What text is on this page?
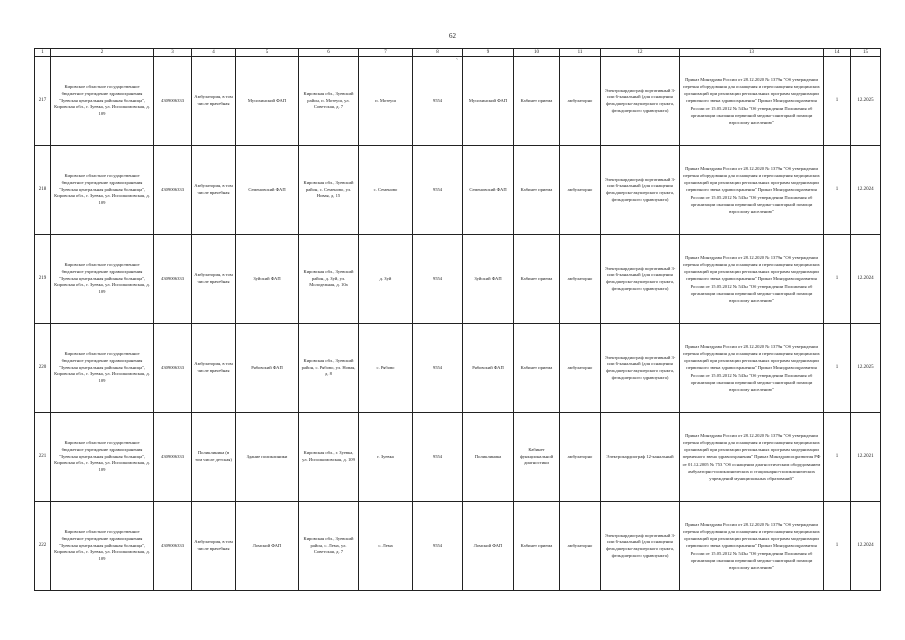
62
`
1	2	3	4	5	6	7	8	9	10	11	12	13	14	15
217	Кировское областное государственное бюджетное учреждение здравоохранения "Зуевская центральная районная больница", Кировская обл., г. Зуевка, ул. Исполкомовская, д. 109	4309006333	Амбулатория, в том числе врачебная	Мусихинский ФАП	Кировская обл., Зуевский район, п. Мотеуш, ул. Советская, д. 7	п. Мотеуш	9554	Мусихинский ФАП	Кабинет приема	амбулаторно	Электрокардиограф портативный 3- или 6-канальный (для оснащения фельдшерско-акушерского пункта, фельдшерского здравпункта)	Приказ Минздрава России от 28.12.2020 № 1379н "Об утверждении перечня оборудования для оснащения и переоснащения медицинских организаций при реализации региональных программ модернизации первичного звена здравоохранения" Приказ Минздравсоцразвития России от 15.05.2012 № 543н "Об утверждении Положения об организации оказания первичной медико-санитарной помощи взрослому населению"	1	12.2025
218	Кировское областное государственное бюджетное учреждение здравоохранения "Зуевская центральная районная больница", Кировская обл., г. Зуевка, ул. Исполкомовская, д. 109	4309006333	Амбулатория, в том числе врачебная	Семеновский ФАП	Кировская обл., Зуевский район, с. Семеново, ул. Новая, д. 15	с. Семеново	9554	Семеновский ФАП	Кабинет приема	амбулаторно	Электрокардиограф портативный 3- или 6-канальный (для оснащения фельдшерско-акушерского пункта, фельдшерского здравпункта)	Приказ Минздрава России от 28.12.2020 № 1379н "Об утверждении перечня оборудования для оснащения и переоснащения медицинских организаций при реализации региональных программ модернизации первичного звена здравоохранения" Приказ Минздравсоцразвития России от 15.05.2012 № 543н "Об утверждении Положения об организации оказания первичной медико-санитарной помощи взрослому населению"	1	12.2024
219	Кировское областное государственное бюджетное учреждение здравоохранения "Зуевская центральная районная больница", Кировская обл., г. Зуевка, ул. Исполкомовская, д. 109	4309006333	Амбулатория, в том числе врачебная	Зуйский ФАП	Кировская обл., Зуевский район, д. Зуй, ул. Молодежная, д. 10а	д. Зуй	9554	Зуйский ФАП	Кабинет приема	амбулаторно	Электрокардиограф портативный 3- или 6-канальный (для оснащения фельдшерско-акушерского пункта, фельдшерского здравпункта)	Приказ Минздрава России от 28.12.2020 № 1379н "Об утверждении перечня оборудования для оснащения и переоснащения медицинских организаций при реализации региональных программ модернизации первичного звена здравоохранения" Приказ Минздравсоцразвития России от 15.05.2012 № 543н "Об утверждении Положения об организации оказания первичной медико-санитарной помощи взрослому населению"	1	12.2024
220	Кировское областное государственное бюджетное учреждение здравоохранения "Зуевская центральная районная больница", Кировская обл., г. Зуевка, ул. Исполкомовская, д. 109	4309006333	Амбулатория, в том числе врачебная	Рябовский ФАП	Кировская обл., Зуевский район, с. Рябово, ул. Новая, д. 8	с. Рябово	9554	Рябовский ФАП	Кабинет приема	амбулаторно	Электрокардиограф портативный 3- или 6-канальный (для оснащения фельдшерско-акушерского пункта, фельдшерского здравпункта)	Приказ Минздрава России от 28.12.2020 № 1379н "Об утверждении перечня оборудования для оснащения и переоснащения медицинских организаций при реализации региональных программ модернизации первичного звена здравоохранения" Приказ Минздравсоцразвития России от 15.05.2012 № 543н "Об утверждении Положения об организации оказания первичной медико-санитарной помощи взрослому населению"	1	12.2025
221	Кировское областное государственное бюджетное учреждение здравоохранения "Зуевская центральная районная больница", Кировская обл., г. Зуевка, ул. Исполкомовская, д. 109	4309006333	Поликлиника (в том числе детская)	Здание поликлиники	Кировская обл., г. Зуевка, ул. Исполкомовская, д. 109	г. Зуевка	9554	Поликлиника	Кабинет функциональной диагностики	амбулаторно	Электрокардиограф 12-канальный	Приказ Минздрава России от 28.12.2020 № 1379н "Об утверждении перечня оборудования для оснащения и переоснащения медицинских организаций при реализации региональных программ модернизации первичного звена здравоохранения" Приказ Минздравсоцразвития РФ от 01.12.2005 № 753 "Об оснащении диагностическим оборудованием амбулаторно-поликлинических и стационарно-поликлинических учреждений муниципальных образований"	1	12.2021
222	Кировское областное государственное бюджетное учреждение здравоохранения "Зуевская центральная районная больница", Кировская обл., г. Зуевка, ул. Исполкомовская, д. 109	4309006333	Амбулатория, в том числе врачебная	Ломский ФАП	Кировская обл., Зуевский район, с. Лема, ул. Советская, д. 7	с. Лема	9554	Ломский ФАП	Кабинет приема	амбулаторно	Электрокардиограф портативный 3- или 6-канальный (для оснащения фельдшерско-акушерского пункта, фельдшерского здравпункта)	Приказ Минздрава России от 28.12.2020 № 1379н "Об утверждении перечня оборудования для оснащения и переоснащения медицинских организаций при реализации региональных программ модернизации первичного звена здравоохранения" Приказ Минздравсоцразвития России от 15.05.2012 № 543н "Об утверждении Положения об организации оказания первичной медико-санитарной помощи взрослому населению"	1	12.2024
